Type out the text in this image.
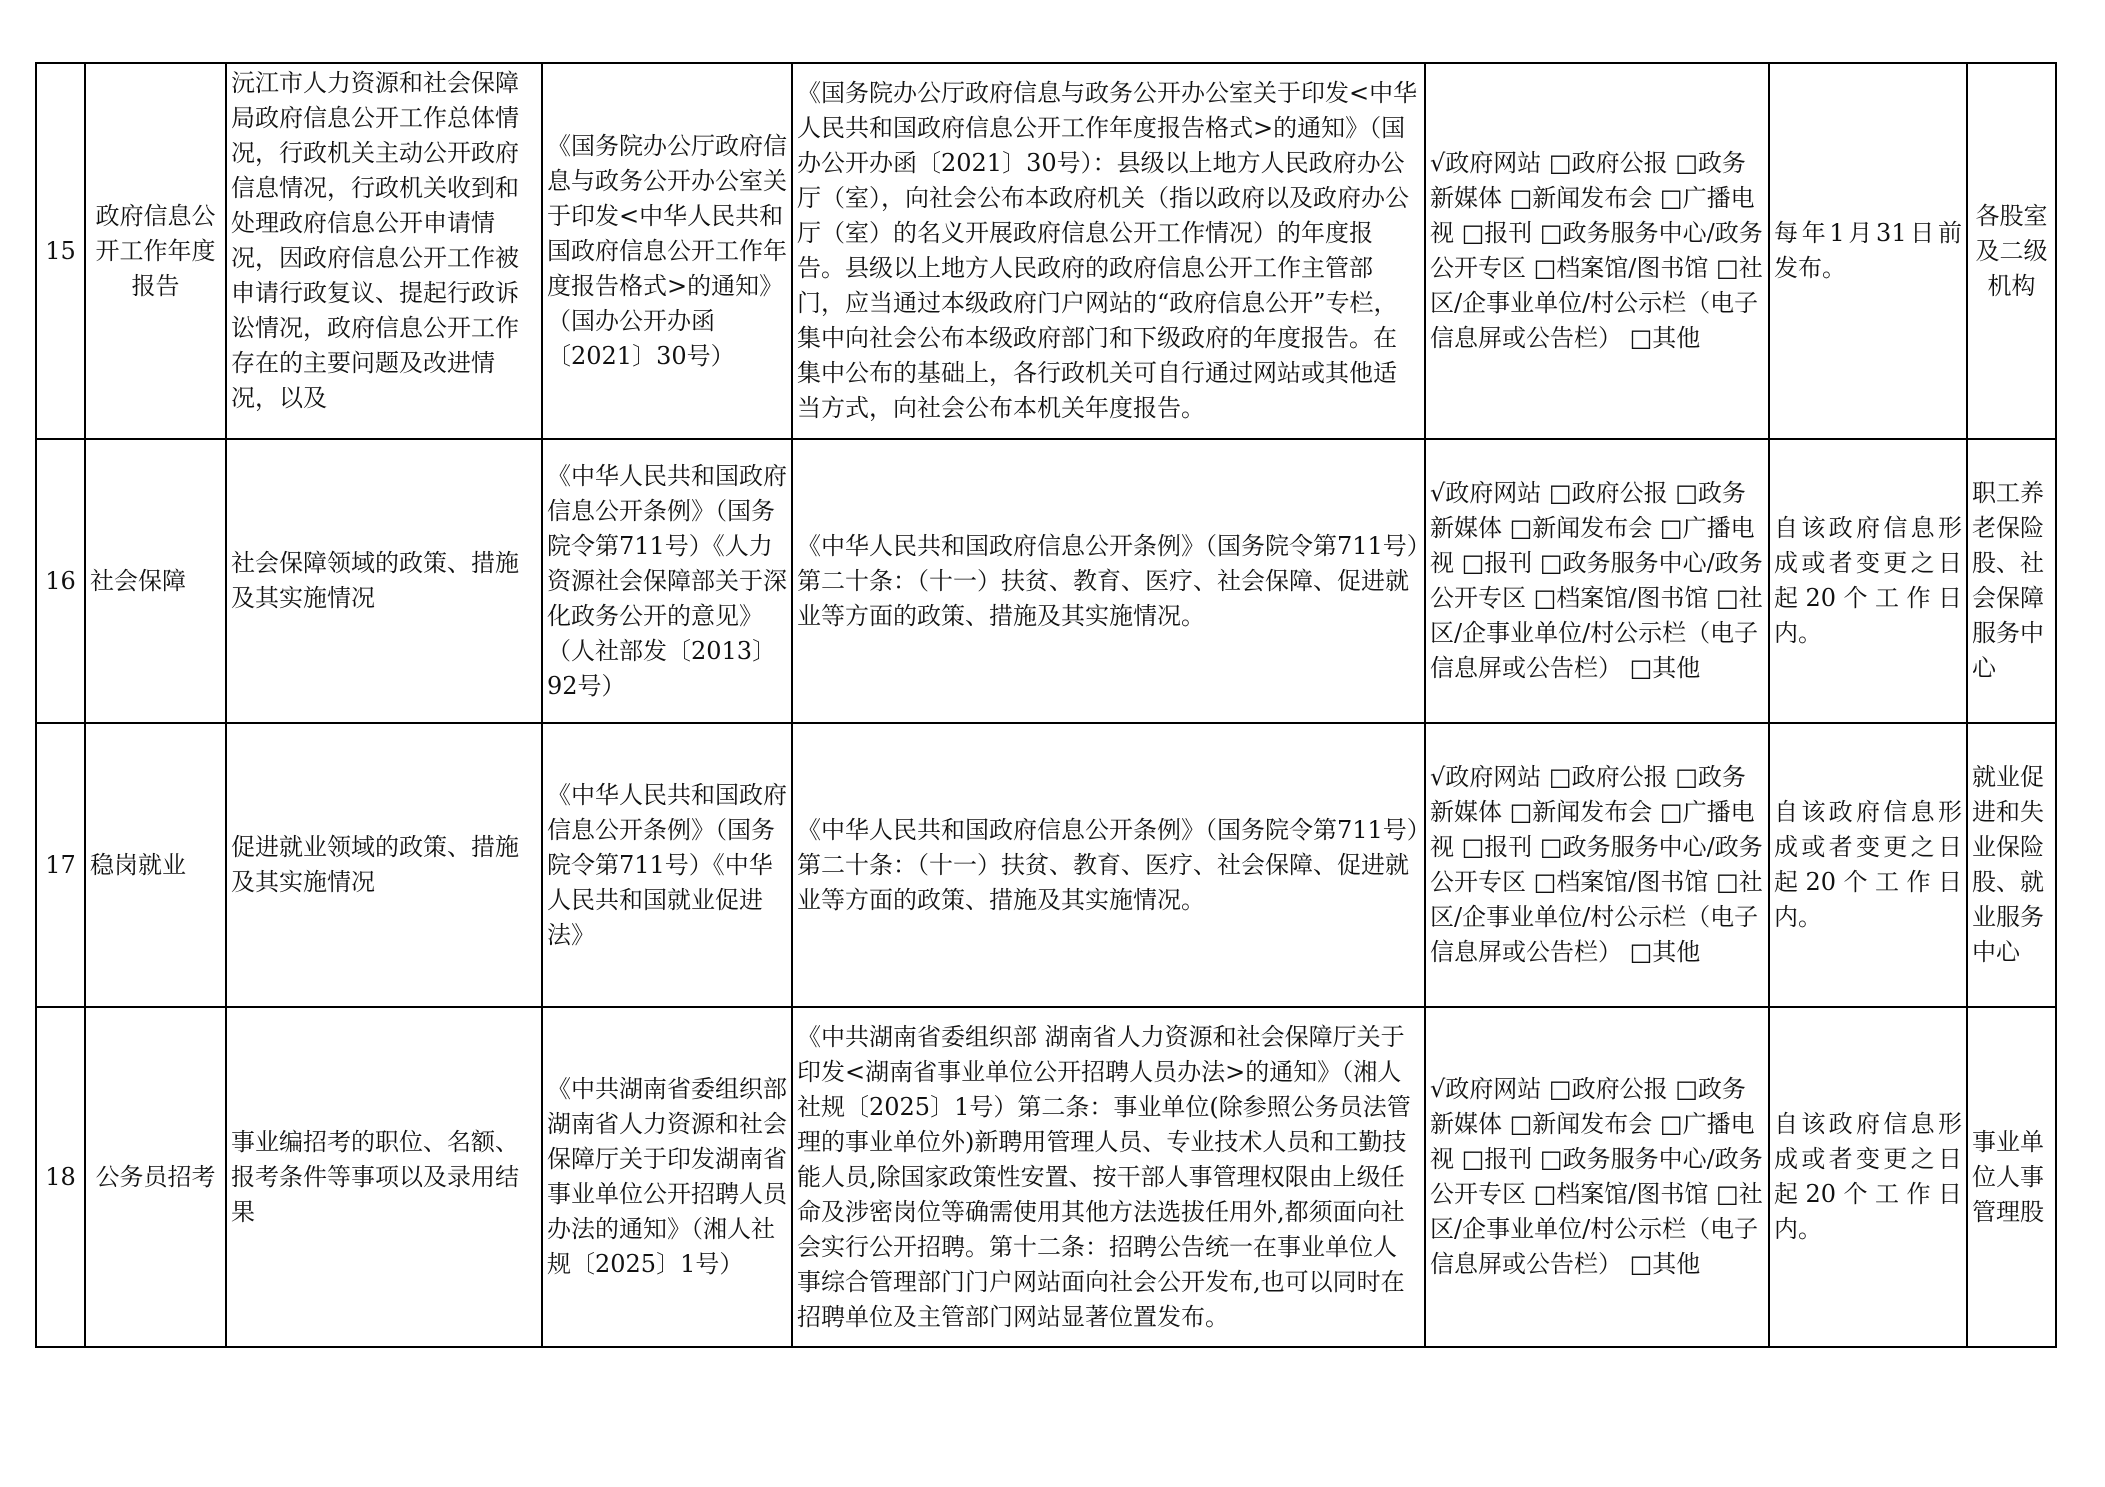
15	政府信息公开工作年度报告	沅江市人力资源和社会保障局政府信息公开工作总体情况，行政机关主动公开政府信息情况，行政机关收到和处理政府信息公开申请情况，因政府信息公开工作被申请行政复议、提起行政诉讼情况，政府信息公开工作存在的主要问题及改进情况，以及	《国务院办公厅政府信息与政务公开办公室关于印发<中华人民共和国政府信息公开工作年度报告格式>的通知》（国办公开办函〔2021〕30号）	《国务院办公厅政府信息与政务公开办公室关于印发<中华人民共和国政府信息公开工作年度报告格式>的通知》（国办公开办函〔2021〕30号）：县级以上地方人民政府办公厅（室），向社会公布本政府机关（指以政府以及政府办公厅（室）的名义开展政府信息公开工作情况）的年度报告。县级以上地方人民政府的政府信息公开工作主管部门，应当通过本级政府门户网站的“政府信息公开”专栏，集中向社会公布本级政府部门和下级政府的年度报告。在集中公布的基础上，各行政机关可自行通过网站或其他适当方式，向社会公布本机关年度报告。	√政府网站 □政府公报 □政务新媒体 □新闻发布会 □广播电视 □报刊 □政务服务中心/政务公开专区 □档案馆/图书馆 □社区/企事业单位/村公示栏（电子信息屏或公告栏） □其他	每年1月31日前发布。	各股室及二级机构
16	社会保障	社会保障领域的政策、措施及其实施情况	《中华人民共和国政府信息公开条例》（国务院令第711号）《人力资源社会保障部关于深化政务公开的意见》（人社部发〔2013〕92号）	《中华人民共和国政府信息公开条例》（国务院令第711号）第二十条：（十一）扶贫、教育、医疗、社会保障、促进就业等方面的政策、措施及其实施情况。	√政府网站 □政府公报 □政务新媒体 □新闻发布会 □广播电视 □报刊 □政务服务中心/政务公开专区 □档案馆/图书馆 □社区/企事业单位/村公示栏（电子信息屏或公告栏） □其他	自该政府信息形成或者变更之日起20个工作日内。	职工养老保险股、社会保障服务中心
17	稳岗就业	促进就业领域的政策、措施及其实施情况	《中华人民共和国政府信息公开条例》（国务院令第711号）《中华人民共和国就业促进法》	《中华人民共和国政府信息公开条例》（国务院令第711号）第二十条：（十一）扶贫、教育、医疗、社会保障、促进就业等方面的政策、措施及其实施情况。	√政府网站 □政府公报 □政务新媒体 □新闻发布会 □广播电视 □报刊 □政务服务中心/政务公开专区 □档案馆/图书馆 □社区/企事业单位/村公示栏（电子信息屏或公告栏） □其他	自该政府信息形成或者变更之日起20个工作日内。	就业促进和失业保险股、就业服务中心
18	公务员招考	事业编招考的职位、名额、报考条件等事项以及录用结果	《中共湖南省委组织部 湖南省人力资源和社会保障厅关于印发湖南省事业单位公开招聘人员办法的通知》（湘人社规〔2025〕1号）	《中共湖南省委组织部 湖南省人力资源和社会保障厅关于印发<湖南省事业单位公开招聘人员办法>的通知》（湘人社规〔2025〕1号）第二条：事业单位(除参照公务员法管理的事业单位外)新聘用管理人员、专业技术人员和工勤技能人员,除国家政策性安置、按干部人事管理权限由上级任命及涉密岗位等确需使用其他方法选拔任用外,都须面向社会实行公开招聘。第十二条：招聘公告统一在事业单位人事综合管理部门门户网站面向社会公开发布,也可以同时在招聘单位及主管部门网站显著位置发布。	√政府网站 □政府公报 □政务新媒体 □新闻发布会 □广播电视 □报刊 □政务服务中心/政务公开专区 □档案馆/图书馆 □社区/企事业单位/村公示栏（电子信息屏或公告栏） □其他	自该政府信息形成或者变更之日起20个工作日内。	事业单位人事管理股
